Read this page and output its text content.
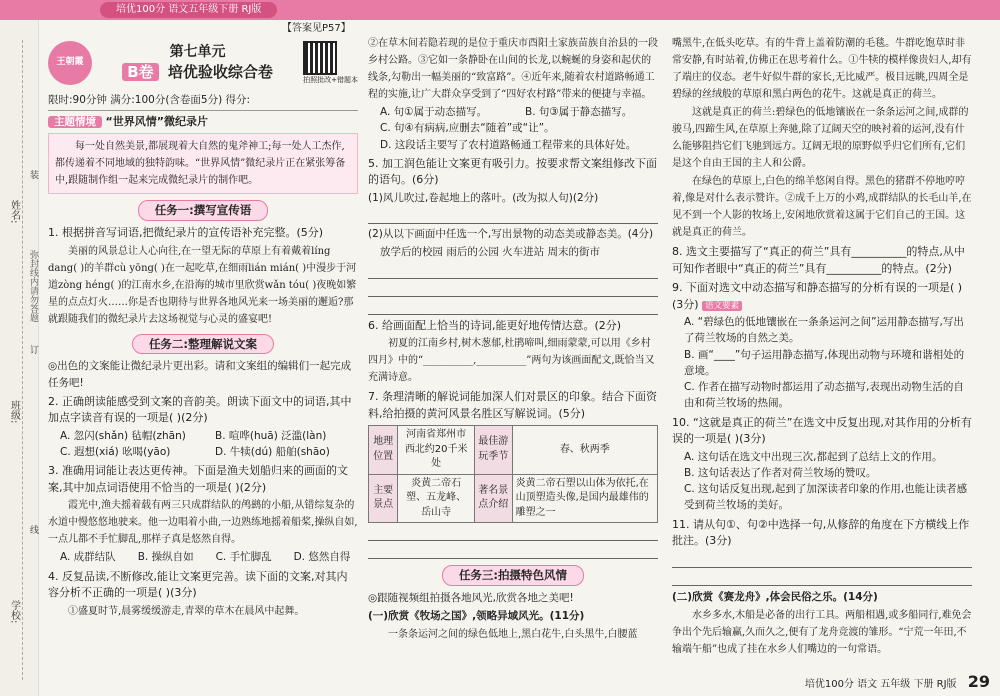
培优100分 语文五年级下册 RJ版
【答案见P57】
姓名:
班级:
学校:
弥封线内请勿答题
装
订
线
王朝霞
第七单元
B卷 培优验收综合卷	拍照批改+错题本
限时:90分钟 满分:100分(含卷面5分) 得分:
主题情境 “世界风情”微纪录片
每一处自然美景,都展现着大自然的鬼斧神工;每一处人工杰作,都传递着不同地域的独特韵味。“世界风情”微纪录片正在紧张筹备中,跟随制作组一起来完成微纪录片的制作吧。
任务一:撰写宣传语
1. 根据拼音写词语,把微纪录片的宣传语补充完整。(5分)
美丽的风景总让人心向往,在一望无际的草原上有着戴着líng dang( )的羊群cù yōng( )在一起吃草,在细雨lián mián( )中漫步于河道zòng héng( )的江南水乡,在沿海的城市里欣赏wǎn tóu( )夜晚如繁星的点点灯火……你是否也期待与世界各地风光来一场美丽的邂逅?那就跟随我们的微纪录片去这场视觉与心灵的盛宴吧!
任务二:整理解说文案
◎出色的文案能让微纪录片更出彩。请和文案组的编辑们一起完成任务吧!
2. 正确朗读能感受到文案的音韵美。朗读下面文中的词语,其中加点字读音有误的一项是( )(2分)
A. 忽闪(shǎn) 毡帽(zhān)	B. 喧哗(huā) 泛滥(làn)
C. 遐想(xiá) 吆喝(yāo)	D. 牛犊(dú) 船舶(shāo)
3. 准确用词能让表达更传神。下面是渔夫划船归来的画面的文案,其中加点词语使用不恰当的一项是( )(2分)
霞光中,渔夫摇着载有两三只成群结队的鸬鹚的小船,从错综复杂的水道中慢悠悠地驶来。他一边唱着小曲,一边熟练地摇着船桨,操纵自如,一点儿都不手忙脚乱,那样子真是悠然自得。
A. 成群结队	B. 操纵自如	C. 手忙脚乱	D. 悠然自得
4. 反复品读,不断修改,能让文案更完善。读下面的文案,对其内容分析不正确的一项是( )(3分)
①盛夏时节,晨雾缓缓游走,青翠的草木在晨风中起舞。
②在草木间若隐若现的是位于重庆市酉阳土家族苗族自治县的一段乡村公路。③它如一条静卧在山间的长龙,以蜿蜒的身姿和起伏的线条,勾勒出一幅美丽的“致富路”。④近年来,随着农村道路畅通工程的实施,让广大群众享受到了“四好农村路”带来的便捷与幸福。
A. 句①属于动态描写。	B. 句③属于静态描写。
C. 句④有病病,应删去“随着”或“让”。
D. 这段话主要写了农村道路畅通工程带来的具体好处。
5. 加工润色能让文案更有吸引力。按要求帮文案组修改下面的语句。(6分)
(1)风儿吹过,卷起地上的落叶。(改为拟人句)(2分)
(2)从以下画面中任选一个,写出景物的动态美或静态美。(4分)
放学后的校园 雨后的公园 火车进站 周末的街市
6. 给画面配上恰当的诗词,能更好地传情达意。(2分)
初夏的江南乡村,树木葱郁,杜鹃啼叫,细雨蒙蒙,可以用《乡村四月》中的“__________,__________”两句为该画面配文,既恰当又充满诗意。
7. 条理清晰的解说词能加深人们对景区的印象。结合下面资料,给拍摄的黄河风景名胜区写解说词。(5分)
地理位置	河南省郑州市西北约20千米处	最佳游玩季节	春、秋两季
主要景点	炎黄二帝石塑、五龙峰、岳山寺	著名景点介绍	炎黄二帝石塑以山体为依托,在山顶塑造头像,是国内最雄伟的雕塑之一
任务三:拍摄特色风情
◎跟随视频组拍摄各地风光,欣赏各地之美吧!
(一)欣赏《牧场之国》,领略异域风光。(11分)
一条条运河之间的绿色低地上,黑白花牛,白头黑牛,白腰蓝
嘴黑牛,在低头吃草。有的牛背上盖着防潮的毛毯。牛群吃饱草时非常安静,有时站着,仿佛正在思考着什么。①牛犊的模样像贵妇人,却有了端庄的仪态。老牛好似牛群的家长,无比威严。极目远眺,四周全是碧绿的丝绒般的草原和黑白两色的花牛。这就是真正的荷兰。
这就是真正的荷兰:碧绿色的低地镶嵌在一条条运河之间,成群的骏马,四蹄生风,在草原上奔驰,除了辽阔天空的映衬着的运河,没有什么能够阻挡它们飞驰到远方。辽阔无垠的原野似乎归它们所有,它们是这个自由王国的主人和公爵。
在绿色的草原上,白色的绵羊悠闲自得。黑色的猪群不停地哼哼着,像是对什么表示赞许。②成千上万的小鸡,成群结队的长毛山羊,在见不到一个人影的牧场上,安闲地欣赏着这属于它们自己的王国。这就是真正的荷兰。
8. 选文主要描写了“真正的荷兰”具有__________的特点,从中可知作者眼中“真正的荷兰”具有__________的特点。(2分)
9. 下面对选文中动态描写和静态描写的分析有误的一项是( )(3分) 语文要素
A. “碧绿色的低地镶嵌在一条条运河之间”运用静态描写,写出了荷兰牧场的自然之美。
B. 画“____”句子运用静态描写,体现出动物与环境和谐相处的意境。
C. 作者在描写动物时都运用了动态描写,表现出动物生活的自由和荷兰牧场的热闹。
10. “这就是真正的荷兰”在选文中反复出现,对其作用的分析有误的一项是( )(3分)
A. 这句话在选文中出现三次,都起到了总结上文的作用。
B. 这句话表达了作者对荷兰牧场的赞叹。
C. 这句话反复出现,起到了加深读者印象的作用,也能让读者感受到荷兰牧场的美好。
11. 请从句①、句②中选择一句,从修辞的角度在下方横线上作批注。(3分)
(二)欣赏《赛龙舟》,体会民俗之乐。(14分)
水乡多水,木船是必备的出行工具。两船相遇,或多船同行,难免会争出个先后输赢,久而久之,便有了龙舟竞渡的雏形。“宁荒一年田,不输端午船”也成了挂在水乡人们嘴边的一句常语。
培优100分 语文 五年级 下册 RJ版 29
